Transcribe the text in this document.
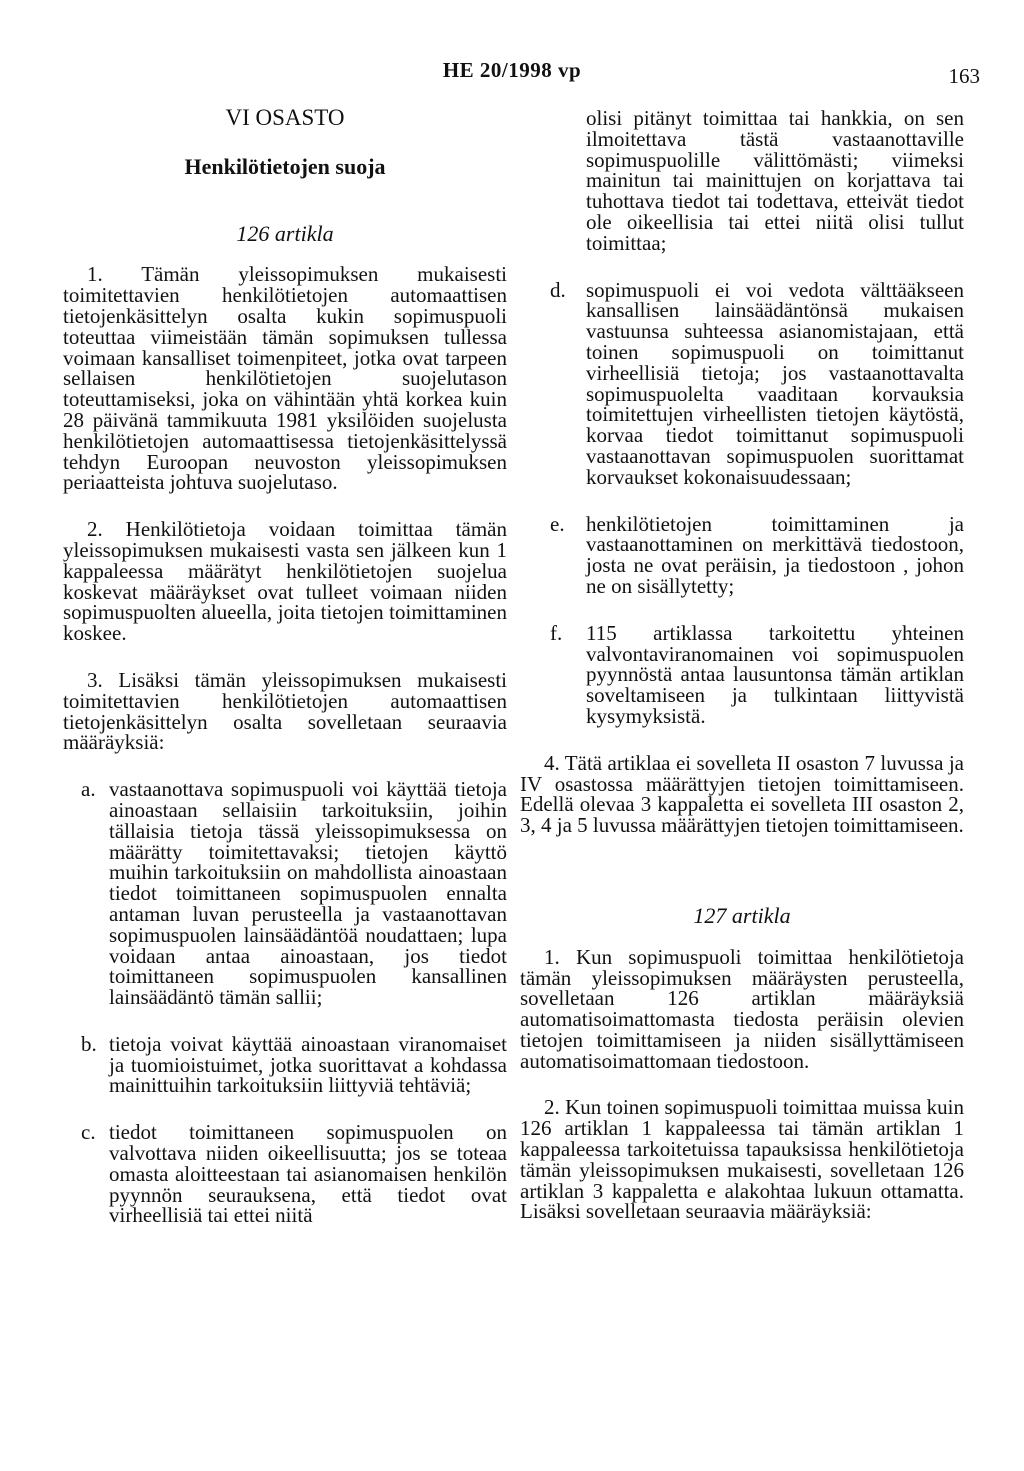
HE 20/1998 vp	163
VI OSASTO
Henkilötietojen suoja
126 artikla

1. Tämän yleissopimuksen mukaisesti toimitettavien henkilötietojen automaattisen tietojenkäsittelyn osalta kukin sopimuspuoli toteuttaa viimeistään tämän sopimuksen tullessa voimaan kansalliset toimenpiteet, jotka ovat tarpeen sellaisen henkilötietojen suojelutason toteuttamiseksi, joka on vähintään yhtä korkea kuin 28 päivänä tammikuuta 1981 yksilöiden suojelusta henkilötietojen automaattisessa tietojenkäsittelyssä tehdyn Euroopan neuvoston yleissopimuksen periaatteista johtuva suojelutaso.

2. Henkilötietoja voidaan toimittaa tämän yleissopimuksen mukaisesti vasta sen jälkeen kun 1 kappaleessa määrätyt henkilötietojen suojelua koskevat määräykset ovat tulleet voimaan niiden sopimuspuolten alueella, joita tietojen toimittaminen koskee.

3. Lisäksi tämän yleissopimuksen mukaisesti toimitettavien henkilötietojen automaattisen tietojenkäsittelyn osalta sovelletaan seuraavia määräyksiä:

a. vastaanottava sopimuspuoli voi käyttää tietoja ainoastaan sellaisiin tarkoituksiin, joihin tällaisia tietoja tässä yleissopimuksessa on määrätty toimitettavaksi; tietojen käyttö muihin tarkoituksiin on mahdollista ainoastaan tiedot toimittaneen sopimuspuolen ennalta antaman luvan perusteella ja vastaanottavan sopimuspuolen lainsäädäntöä noudattaen; lupa voidaan antaa ainoastaan, jos tiedot toimittaneen sopimuspuolen kansallinen lainsäädäntö tämän sallii;
b. tietoja voivat käyttää ainoastaan viranomaiset ja tuomioistuimet, jotka suorittavat a kohdassa mainittuihin tarkoituksiin liittyviä tehtäviä;
c. tiedot toimittaneen sopimuspuolen on valvottava niiden oikeellisuutta; jos se toteaa omasta aloitteestaan tai asianomaisen henkilön pyynnön seurauksena, että tiedot ovat virheellisiä tai ettei niitä
olisi pitänyt toimittaa tai hankkia, on sen ilmoitettava tästä vastaanottaville sopimuspuolille välittömästi; viimeksi mainitun tai mainittujen on korjattava tai tuhottava tiedot tai todettava, etteivät tiedot ole oikeellisia tai ettei niitä olisi tullut toimittaa;
d. sopimuspuoli ei voi vedota välttääkseen kansallisen lainsäädäntönsä mukaisen vastuunsa suhteessa asianomistajaan, että toinen sopimuspuoli on toimittanut virheellisiä tietoja; jos vastaanottavalta sopimuspuolelta vaaditaan korvauksia toimitettujen virheellisten tietojen käytöstä, korvaa tiedot toimittanut sopimuspuoli vastaanottavan sopimuspuolen suorittamat korvaukset kokonaisuudessaan;
e.	henkilötietojen toimittaminen ja vastaanottaminen on merkittävä tiedostoon, josta ne ovat peräisin, ja tiedostoon , johon ne on sisällytetty;
f.	115 artiklassa tarkoitettu yhteinen valvontaviranomainen voi sopimuspuolen pyynnöstä antaa lausuntonsa tämän artiklan soveltamiseen ja tulkintaan liittyvistä kysymyksistä.

4. Tätä artiklaa ei sovelleta II osaston 7 luvussa ja IV osastossa määrättyjen tietojen toimittamiseen. Edellä olevaa 3 kappaletta ei sovelleta III osaston 2, 3, 4 ja 5 luvussa määrättyjen tietojen toimittamiseen.

127 artikla

1. Kun sopimuspuoli toimittaa henkilötietoja tämän yleissopimuksen määräysten perusteella, sovelletaan 126 artiklan määräyksiä automatisoimattomasta tiedosta peräisin olevien tietojen toimittamiseen ja niiden sisällyttämiseen automatisoimattomaan tiedostoon.

2. Kun toinen sopimuspuoli toimittaa muissa kuin 126 artiklan 1 kappaleessa tai tämän artiklan 1 kappaleessa tarkoitetuissa tapauksissa henkilötietoja tämän yleissopimuksen mukaisesti, sovelletaan 126 artiklan 3 kappaletta e alakohtaa lukuun ottamatta. Lisäksi sovelletaan seuraavia määräyksiä:
